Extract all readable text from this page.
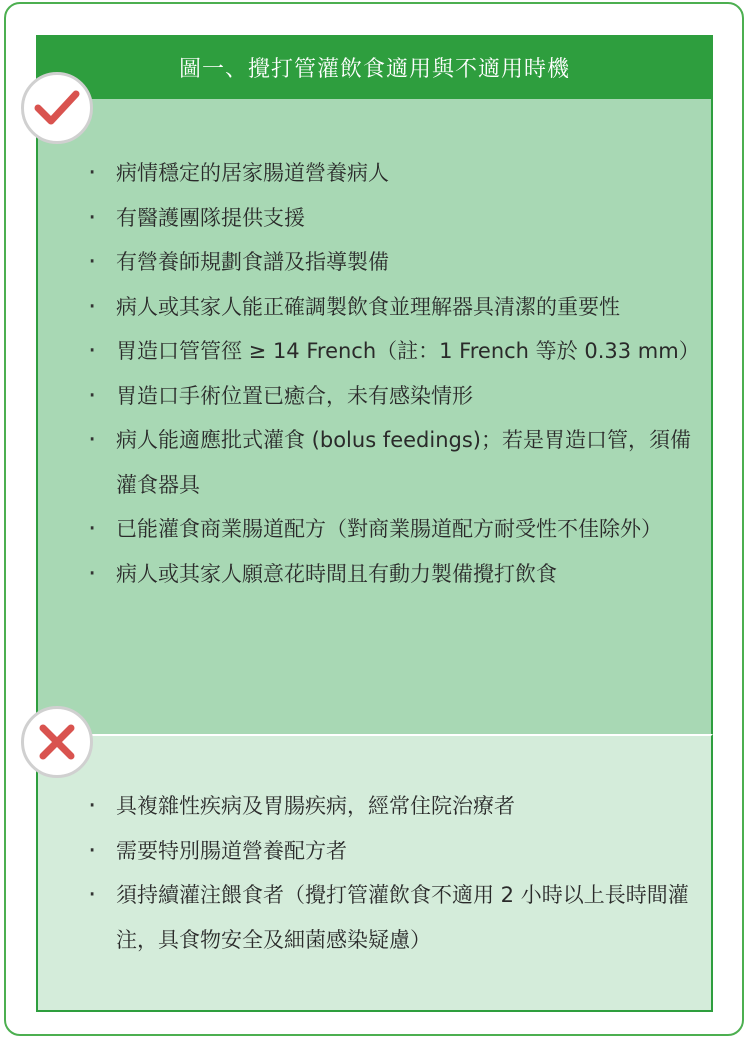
圖一、攪打管灌飲食適用與不適用時機
· 病情穩定的居家腸道營養病人
· 有醫護團隊提供支援
· 有營養師規劃食譜及指導製備
· 病人或其家人能正確調製飲食並理解器具清潔的重要性
· 胃造口管管徑 ≥ 14 French（註：1 French 等於 0.33 mm）
· 胃造口手術位置已癒合，未有感染情形
· 病人能適應批式灌食 (bolus feedings)；若是胃造口管，須備灌食器具
· 已能灌食商業腸道配方（對商業腸道配方耐受性不佳除外）
· 病人或其家人願意花時間且有動力製備攪打飲食
· 具複雜性疾病及胃腸疾病，經常住院治療者
· 需要特別腸道營養配方者
· 須持續灌注餵食者（攪打管灌飲食不適用 2 小時以上長時間灌注，具食物安全及細菌感染疑慮）
